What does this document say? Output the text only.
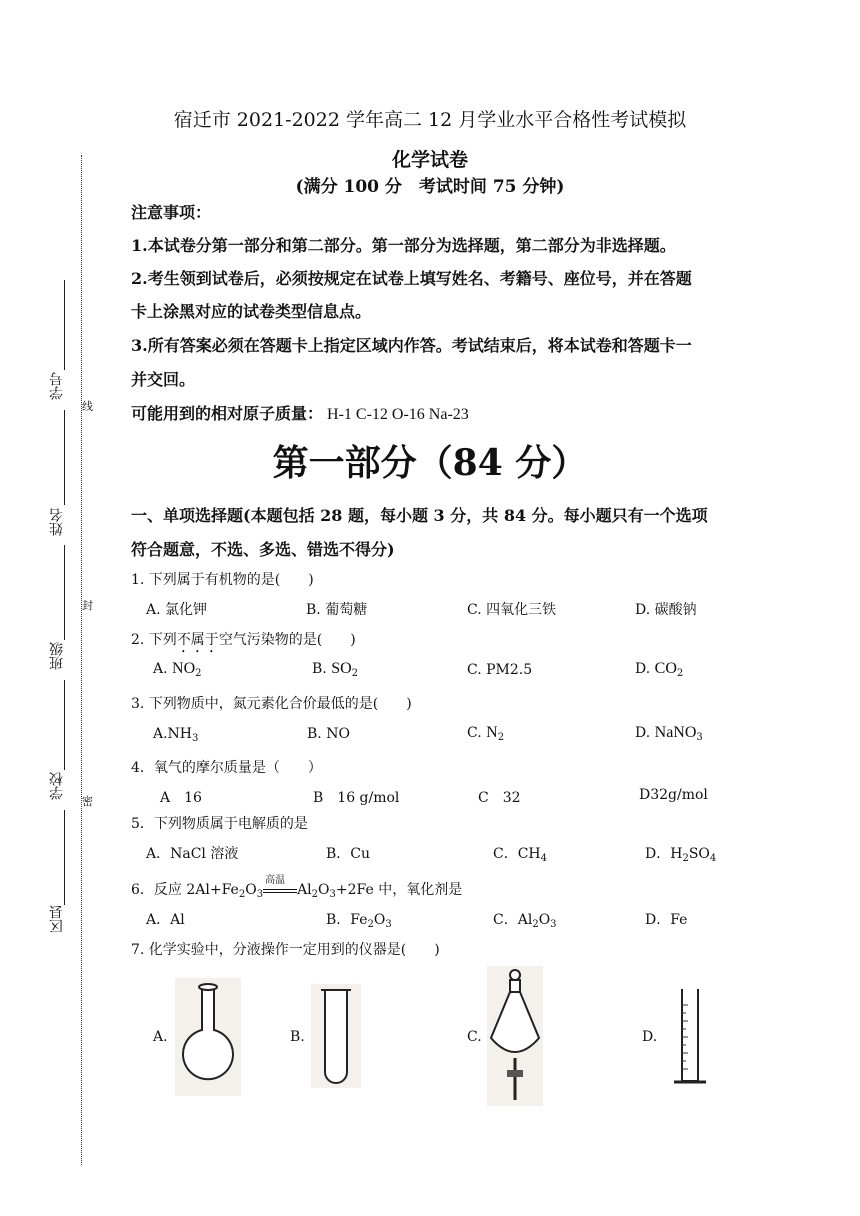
线
封
密
学号
姓名
班级
学校
区县
宿迁市 2021-2022 学年高二 12 月学业水平合格性考试模拟
化学试卷
(满分 100 分　考试时间 75 分钟)
注意事项：
1.本试卷分第一部分和第二部分。第一部分为选择题，第二部分为非选择题。
2.考生领到试卷后，必须按规定在试卷上填写姓名、考籍号、座位号，并在答题
卡上涂黑对应的试卷类型信息点。
3.所有答案必须在答题卡上指定区域内作答。考试结束后，将本试卷和答题卡一
并交回。
可能用到的相对原子质量： H-1 C-12 O-16 Na-23
第一部分（84 分）
一、单项选择题(本题包括 28 题，每小题 3 分，共 84 分。每小题只有一个选项
符合题意，不选、多选、错选不得分)
1. 下列属于有机物的是(　　)
A. 氯化钾	B. 葡萄糖	C. 四氧化三铁	D. 碳酸钠
2. 下列不属于空气污染物的是(　　)
A. $NO_2$	B. $SO_2$	C. PM2.5	D. $CO_2$
3. 下列物质中，氮元素化合价最低的是(　　)
$A.NH_3$	B. NO	C. $N_2$	D. NaNO$_3$
4．氧气的摩尔质量是（　　）
A　16	B　16 g/mol	C　32	D32g/mol
5．下列物质属于电解质的是
A．NaCl 溶液	B．Cu	C．$CH_4$	D．$H_2SO_4$
6．反应 $2Al+Fe_2O_3$
高温
$Al_2O_3+2Fe$ 中，氧化剂是
A．Al	B．$Fe_2O_3$	C．$Al_2O_3$	D．Fe
7. 化学实验中，分液操作一定用到的仪器是(　　)
A.	B.	C.	D.
